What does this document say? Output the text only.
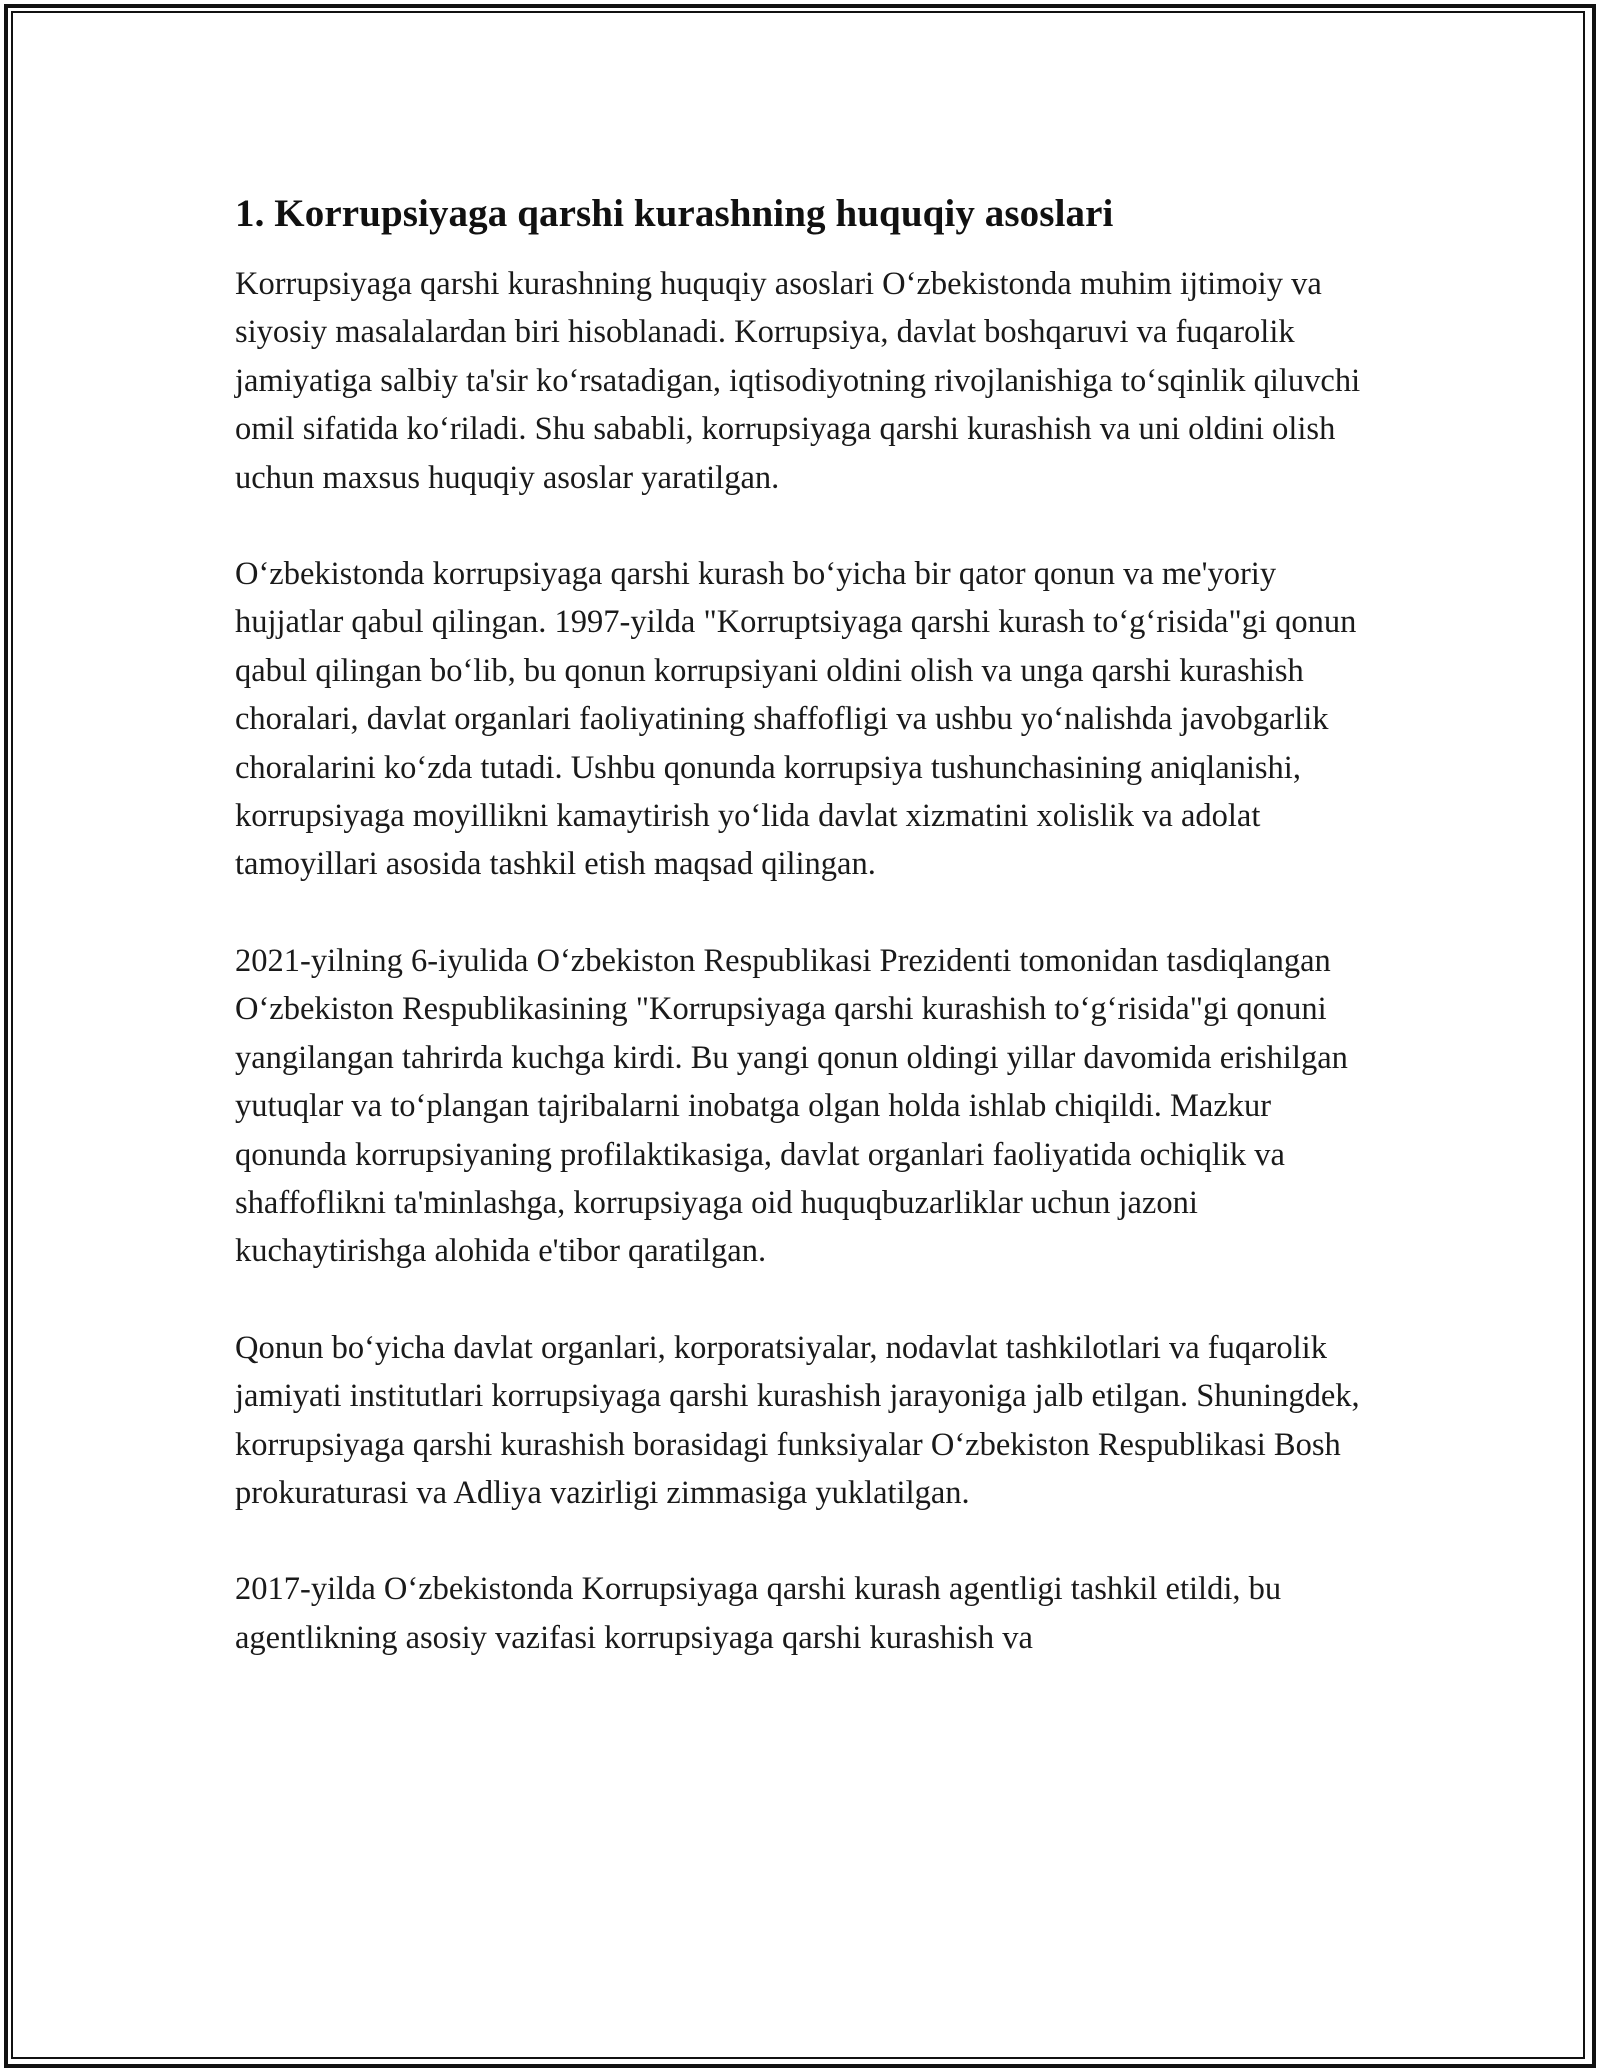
1. Korrupsiyaga qarshi kurashning huquqiy asoslari

Korrupsiyaga qarshi kurashning huquqiy asoslari O‘zbekistonda muhim ijtimoiy va siyosiy masalalardan biri hisoblanadi. Korrupsiya, davlat boshqaruvi va fuqarolik jamiyatiga salbiy ta'sir ko‘rsatadigan, iqtisodiyotning rivojlanishiga to‘sqinlik qiluvchi omil sifatida ko‘riladi. Shu sababli, korrupsiyaga qarshi kurashish va uni oldini olish uchun maxsus huquqiy asoslar yaratilgan.

O‘zbekistonda korrupsiyaga qarshi kurash bo‘yicha bir qator qonun va me'yoriy hujjatlar qabul qilingan. 1997-yilda "Korruptsiyaga qarshi kurash to‘g‘risida"gi qonun qabul qilingan bo‘lib, bu qonun korrupsiyani oldini olish va unga qarshi kurashish choralari, davlat organlari faoliyatining shaffofligi va ushbu yo‘nalishda javobgarlik choralarini ko‘zda tutadi. Ushbu qonunda korrupsiya tushunchasining aniqlanishi, korrupsiyaga moyillikni kamaytirish yo‘lida davlat xizmatini xolislik va adolat tamoyillari asosida tashkil etish maqsad qilingan.

2021-yilning 6-iyulida O‘zbekiston Respublikasi Prezidenti tomonidan tasdiqlangan O‘zbekiston Respublikasining "Korrupsiyaga qarshi kurashish to‘g‘risida"gi qonuni yangilangan tahrirda kuchga kirdi. Bu yangi qonun oldingi yillar davomida erishilgan yutuqlar va to‘plangan tajribalarni inobatga olgan holda ishlab chiqildi. Mazkur qonunda korrupsiyaning profilaktikasiga, davlat organlari faoliyatida ochiqlik va shaffoflikni ta'minlashga, korrupsiyaga oid huquqbuzarliklar uchun jazoni kuchaytirishga alohida e'tibor qaratilgan.

Qonun bo‘yicha davlat organlari, korporatsiyalar, nodavlat tashkilotlari va fuqarolik jamiyati institutlari korrupsiyaga qarshi kurashish jarayoniga jalb etilgan. Shuningdek, korrupsiyaga qarshi kurashish borasidagi funksiyalar O‘zbekiston Respublikasi Bosh prokuraturasi va Adliya vazirligi zimmasiga yuklatilgan.

2017-yilda O‘zbekistonda Korrupsiyaga qarshi kurash agentligi tashkil etildi, bu agentlikning asosiy vazifasi korrupsiyaga qarshi kurashish va
